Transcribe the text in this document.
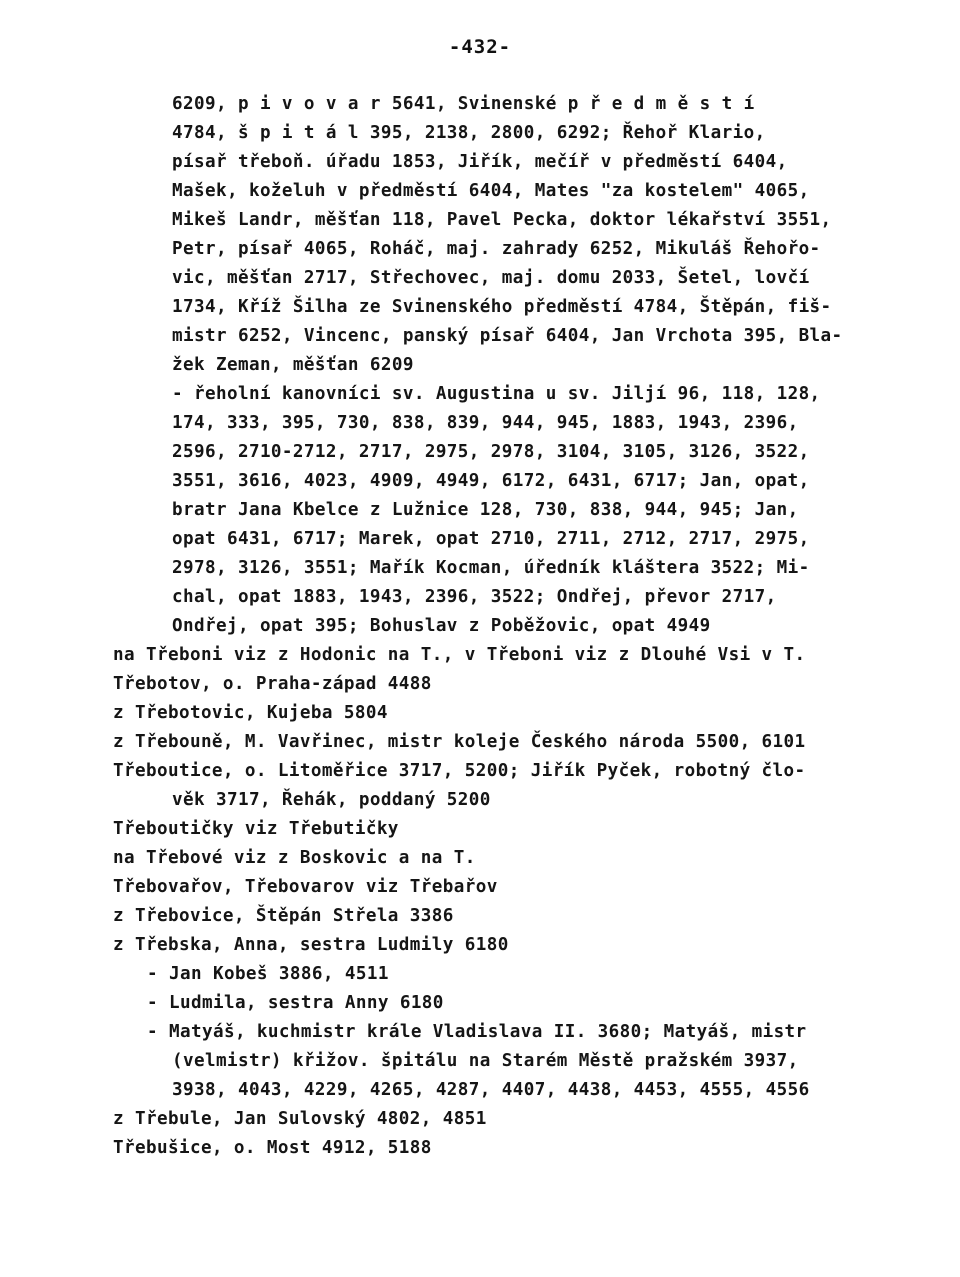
-432-
6209, p i v o v a r 5641, Svinenské p ř e d m ě s t í
4784, š p i t á l 395, 2138, 2800, 6292; Řehoř Klario,
písař třeboň. úřadu 1853, Jiřík, mečíř v předměstí 6404,
Mašek, koželuh v předměstí 6404, Mates "za kostelem" 4065,
Mikeš Landr, měšťan 118, Pavel Pecka, doktor lékařství 3551,
Petr, písař 4065, Roháč, maj. zahrady 6252, Mikuláš Řehořo-
vic, měšťan 2717, Střechovec, maj. domu 2033, Šetel, lovčí
1734, Kříž Šilha ze Svinenského předměstí 4784, Štěpán, fiš-
mistr 6252, Vincenc, panský písař 6404, Jan Vrchota 395, Bla-
žek Zeman, měšťan 6209
- řeholní kanovníci sv. Augustina u sv. Jiljí 96, 118, 128,
174, 333, 395, 730, 838, 839, 944, 945, 1883, 1943, 2396,
2596, 2710-2712, 2717, 2975, 2978, 3104, 3105, 3126, 3522,
3551, 3616, 4023, 4909, 4949, 6172, 6431, 6717; Jan, opat,
bratr Jana Kbelce z Lužnice 128, 730, 838, 944, 945; Jan,
opat 6431, 6717; Marek, opat 2710, 2711, 2712, 2717, 2975,
2978, 3126, 3551; Mařík Kocman, úředník kláštera 3522; Mi-
chal, opat 1883, 1943, 2396, 3522; Ondřej, převor 2717,
Ondřej, opat 395; Bohuslav z Poběžovic, opat 4949
na Třeboni viz z Hodonic na T., v Třeboni viz z Dlouhé Vsi v T.
Třebotov, o. Praha-západ 4488
z Třebotovic, Kujeba 5804
z Třebouně, M. Vavřinec, mistr koleje Českého národa 5500, 6101
Třeboutice, o. Litoměřice 3717, 5200; Jiřík Pyček, robotný člo-
věk 3717, Řehák, poddaný 5200
Třeboutičky viz Třebutičky
na Třebové viz z Boskovic a na T.
Třebovařov, Třebovarov viz Třebařov
z Třebovice, Štěpán Střela 3386
z Třebska, Anna, sestra Ludmily 6180
- Jan Kobeš 3886, 4511
- Ludmila, sestra Anny 6180
- Matyáš, kuchmistr krále Vladislava II. 3680; Matyáš, mistr
(velmistr) křižov. špitálu na Starém Městě pražském 3937,
3938, 4043, 4229, 4265, 4287, 4407, 4438, 4453, 4555, 4556
z Třebule, Jan Sulovský 4802, 4851
Třebušice, o. Most 4912, 5188
